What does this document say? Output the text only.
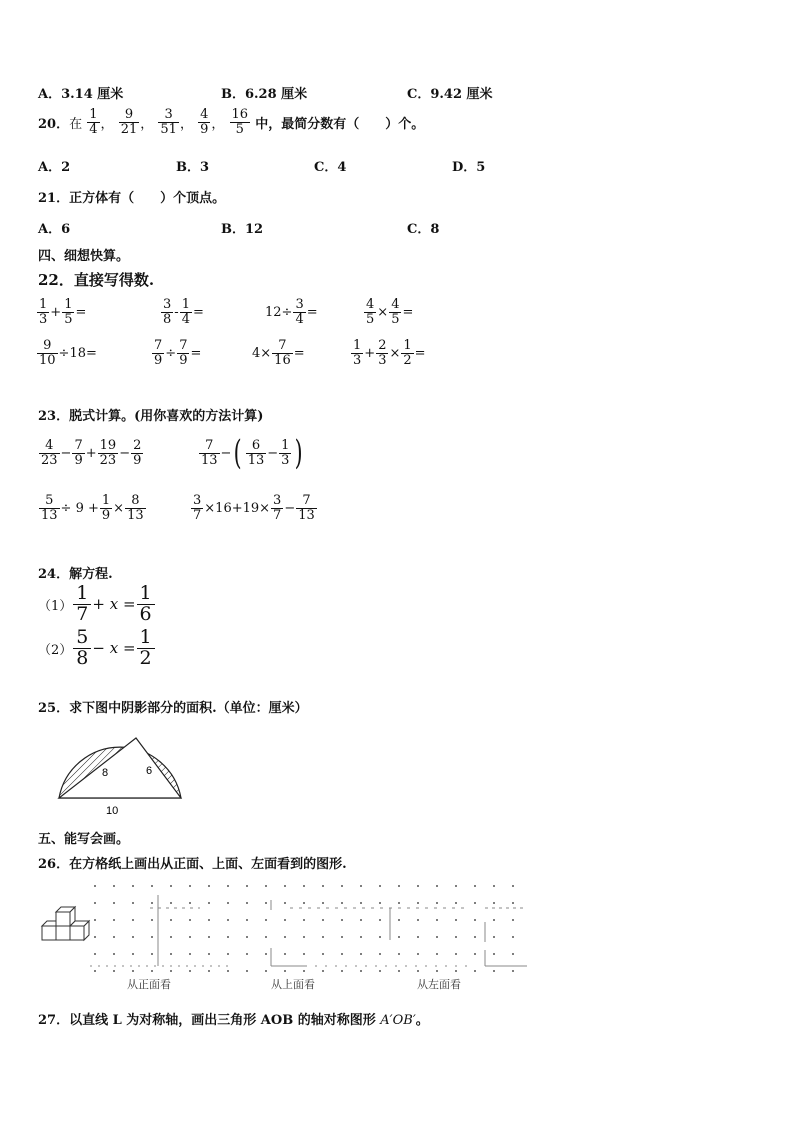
A．3.14 厘米	B．6.28 厘米	C．9.42 厘米
20．在 $\frac{1}{4}$ ， $\frac{9}{21}$ ， $\frac{3}{51}$ ， $\frac{4}{9}$ ， $\frac{16}{5}$ 中，最简分数有（　　）个。
A．2	B．3	C．4	D．5
21．正方体有（　　）个顶点。
A．6	B．12	C．8
四、细想快算。
22．直接写得数.
$\frac{1}{3} + \frac{1}{5}$ =	$\frac{3}{8} - \frac{1}{4}$ =	$12\div \frac{3}{4}$ =	$\frac{4}{5} \times \frac{4}{5}$ =
$\frac{9}{10} \div 18=$	$\frac{7}{9} \div \frac{7}{9}$ =	$4\times \frac{7}{16}$ =	$\frac{1}{3} + \frac{2}{3} \times \frac{1}{2}$ =
23．脱式计算。(用你喜欢的方法计算)
$\frac{4}{23} - \frac{7}{9} + \frac{19}{23} - \frac{2}{9}$	$\frac{7}{13}$ −( $\frac{6}{13} - \frac{1}{3}$ )
$\frac{5}{13} \div 9 + \frac{1}{9} \times \frac{8}{13}$	$\frac{3}{7} \times 16+19\times \frac{3}{7} - \frac{7}{13}$
24．解方程.
$(1) \frac{1}{7} + x = \frac{1}{6}$
$(2) \frac{5}{8} - x = \frac{1}{2}$
25．求下图中阴影部分的面积.（单位：厘米）
8	6
10
五、能写会画。
26．在方格纸上画出从正面、上面、左面看到的图形.
从正面看	从上面看	从左面看
27．以直线 L 为对称轴，画出三角形 AOB 的轴对称图形 A′OB′。
